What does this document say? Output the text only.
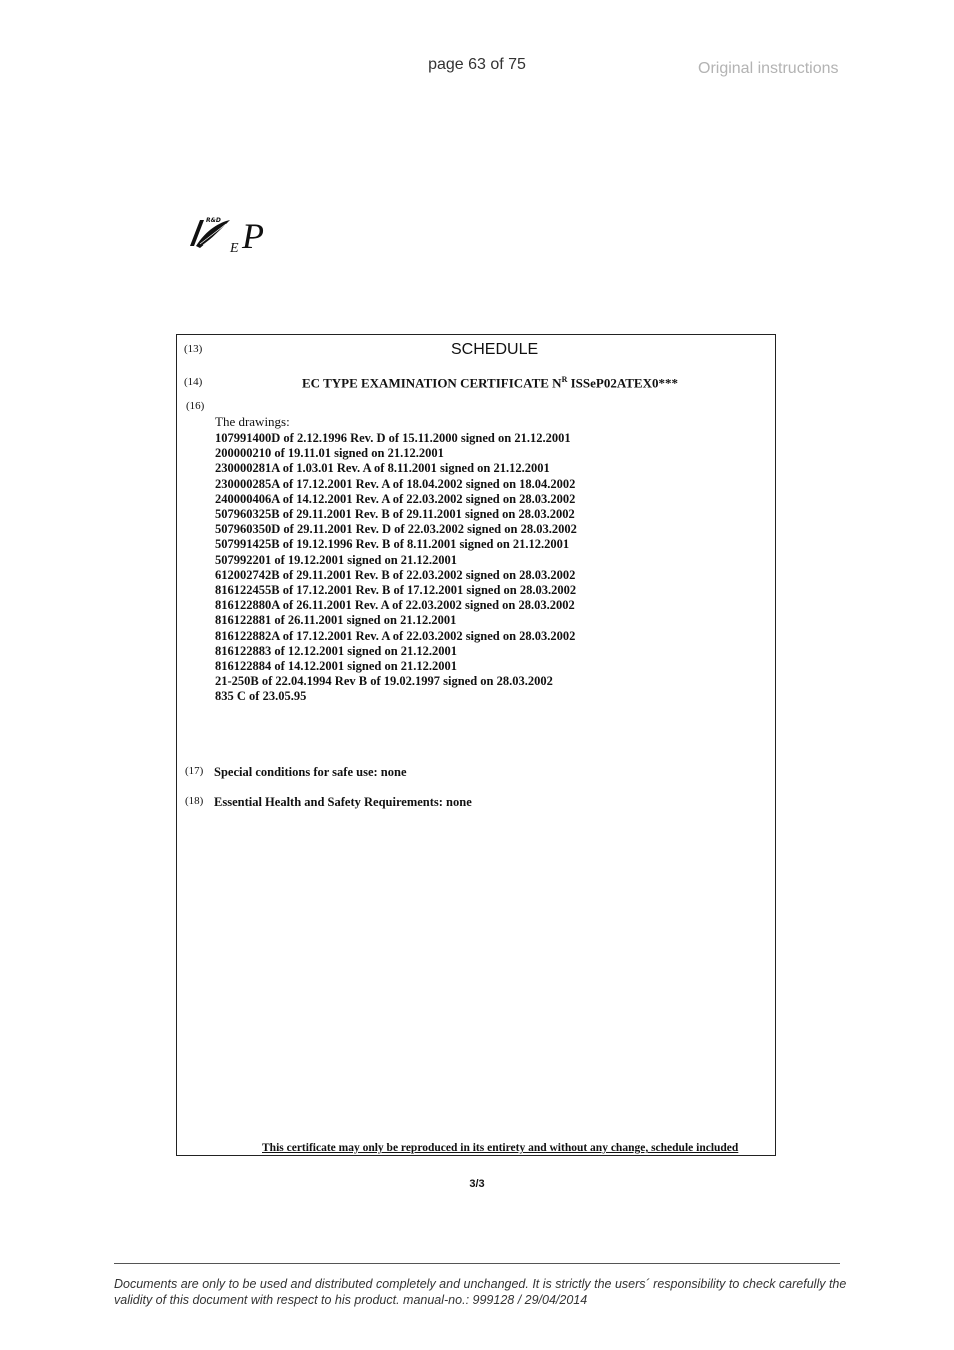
page 63 of 75	Original instructions
R&D
E P
(13)	SCHEDULE
(14)	EC TYPE EXAMINATION CERTIFICATE $N^R$ ISSeP02ATEX0***
(16)
The drawings:
107991400D of 2.12.1996 Rev. D of 15.11.2000 signed on 21.12.2001
200000210 of 19.11.01 signed on 21.12.2001
230000281A of 1.03.01 Rev. A of 8.11.2001 signed on 21.12.2001
230000285A of 17.12.2001 Rev. A of 18.04.2002 signed on 18.04.2002
240000406A of 14.12.2001 Rev. A of 22.03.2002 signed on 28.03.2002
507960325B of 29.11.2001 Rev. B of 29.11.2001 signed on 28.03.2002
507960350D of 29.11.2001 Rev. D of 22.03.2002 signed on 28.03.2002
507991425B of 19.12.1996 Rev. B of 8.11.2001 signed on 21.12.2001
507992201 of 19.12.2001 signed on 21.12.2001
612002742B of 29.11.2001 Rev. B of 22.03.2002 signed on 28.03.2002
816122455B of 17.12.2001 Rev. B of 17.12.2001 signed on 28.03.2002
816122880A of 26.11.2001 Rev. A of 22.03.2002 signed on 28.03.2002
816122881 of 26.11.2001 signed on 21.12.2001
816122882A of 17.12.2001 Rev. A of 22.03.2002 signed on 28.03.2002
816122883 of 12.12.2001 signed on 21.12.2001
816122884 of 14.12.2001 signed on 21.12.2001
21-250B of 22.04.1994 Rev B of 19.02.1997 signed on 28.03.2002
835 C of 23.05.95
(17) Special conditions for safe use: none
(18) Essential Health and Safety Requirements: none
This certificate may only be reproduced in its entirety and without any change, schedule included
3/3
Documents are only to be used and distributed completely and unchanged. It is strictly the users´ responsibility to check carefully the validity of this document with respect to his product. manual-no.: 999128 / 29/04/2014
